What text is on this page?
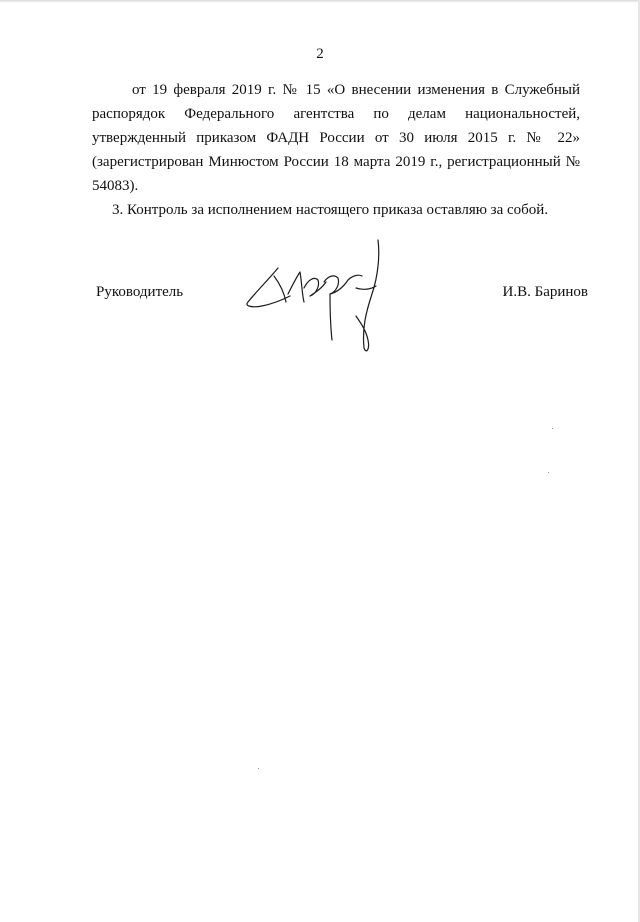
2

от 19 февраля 2019 г. № 15 «О внесении изменения в Служебный распорядок Федерального агентства по делам национальностей, утвержденный приказом ФАДН России от 30 июля 2015 г. № 22» (зарегистрирован Минюстом России 18 марта 2019 г., регистрационный № 54083).

3. Контроль за исполнением настоящего приказа оставляю за собой.

Руководитель	И.В. Баринов
